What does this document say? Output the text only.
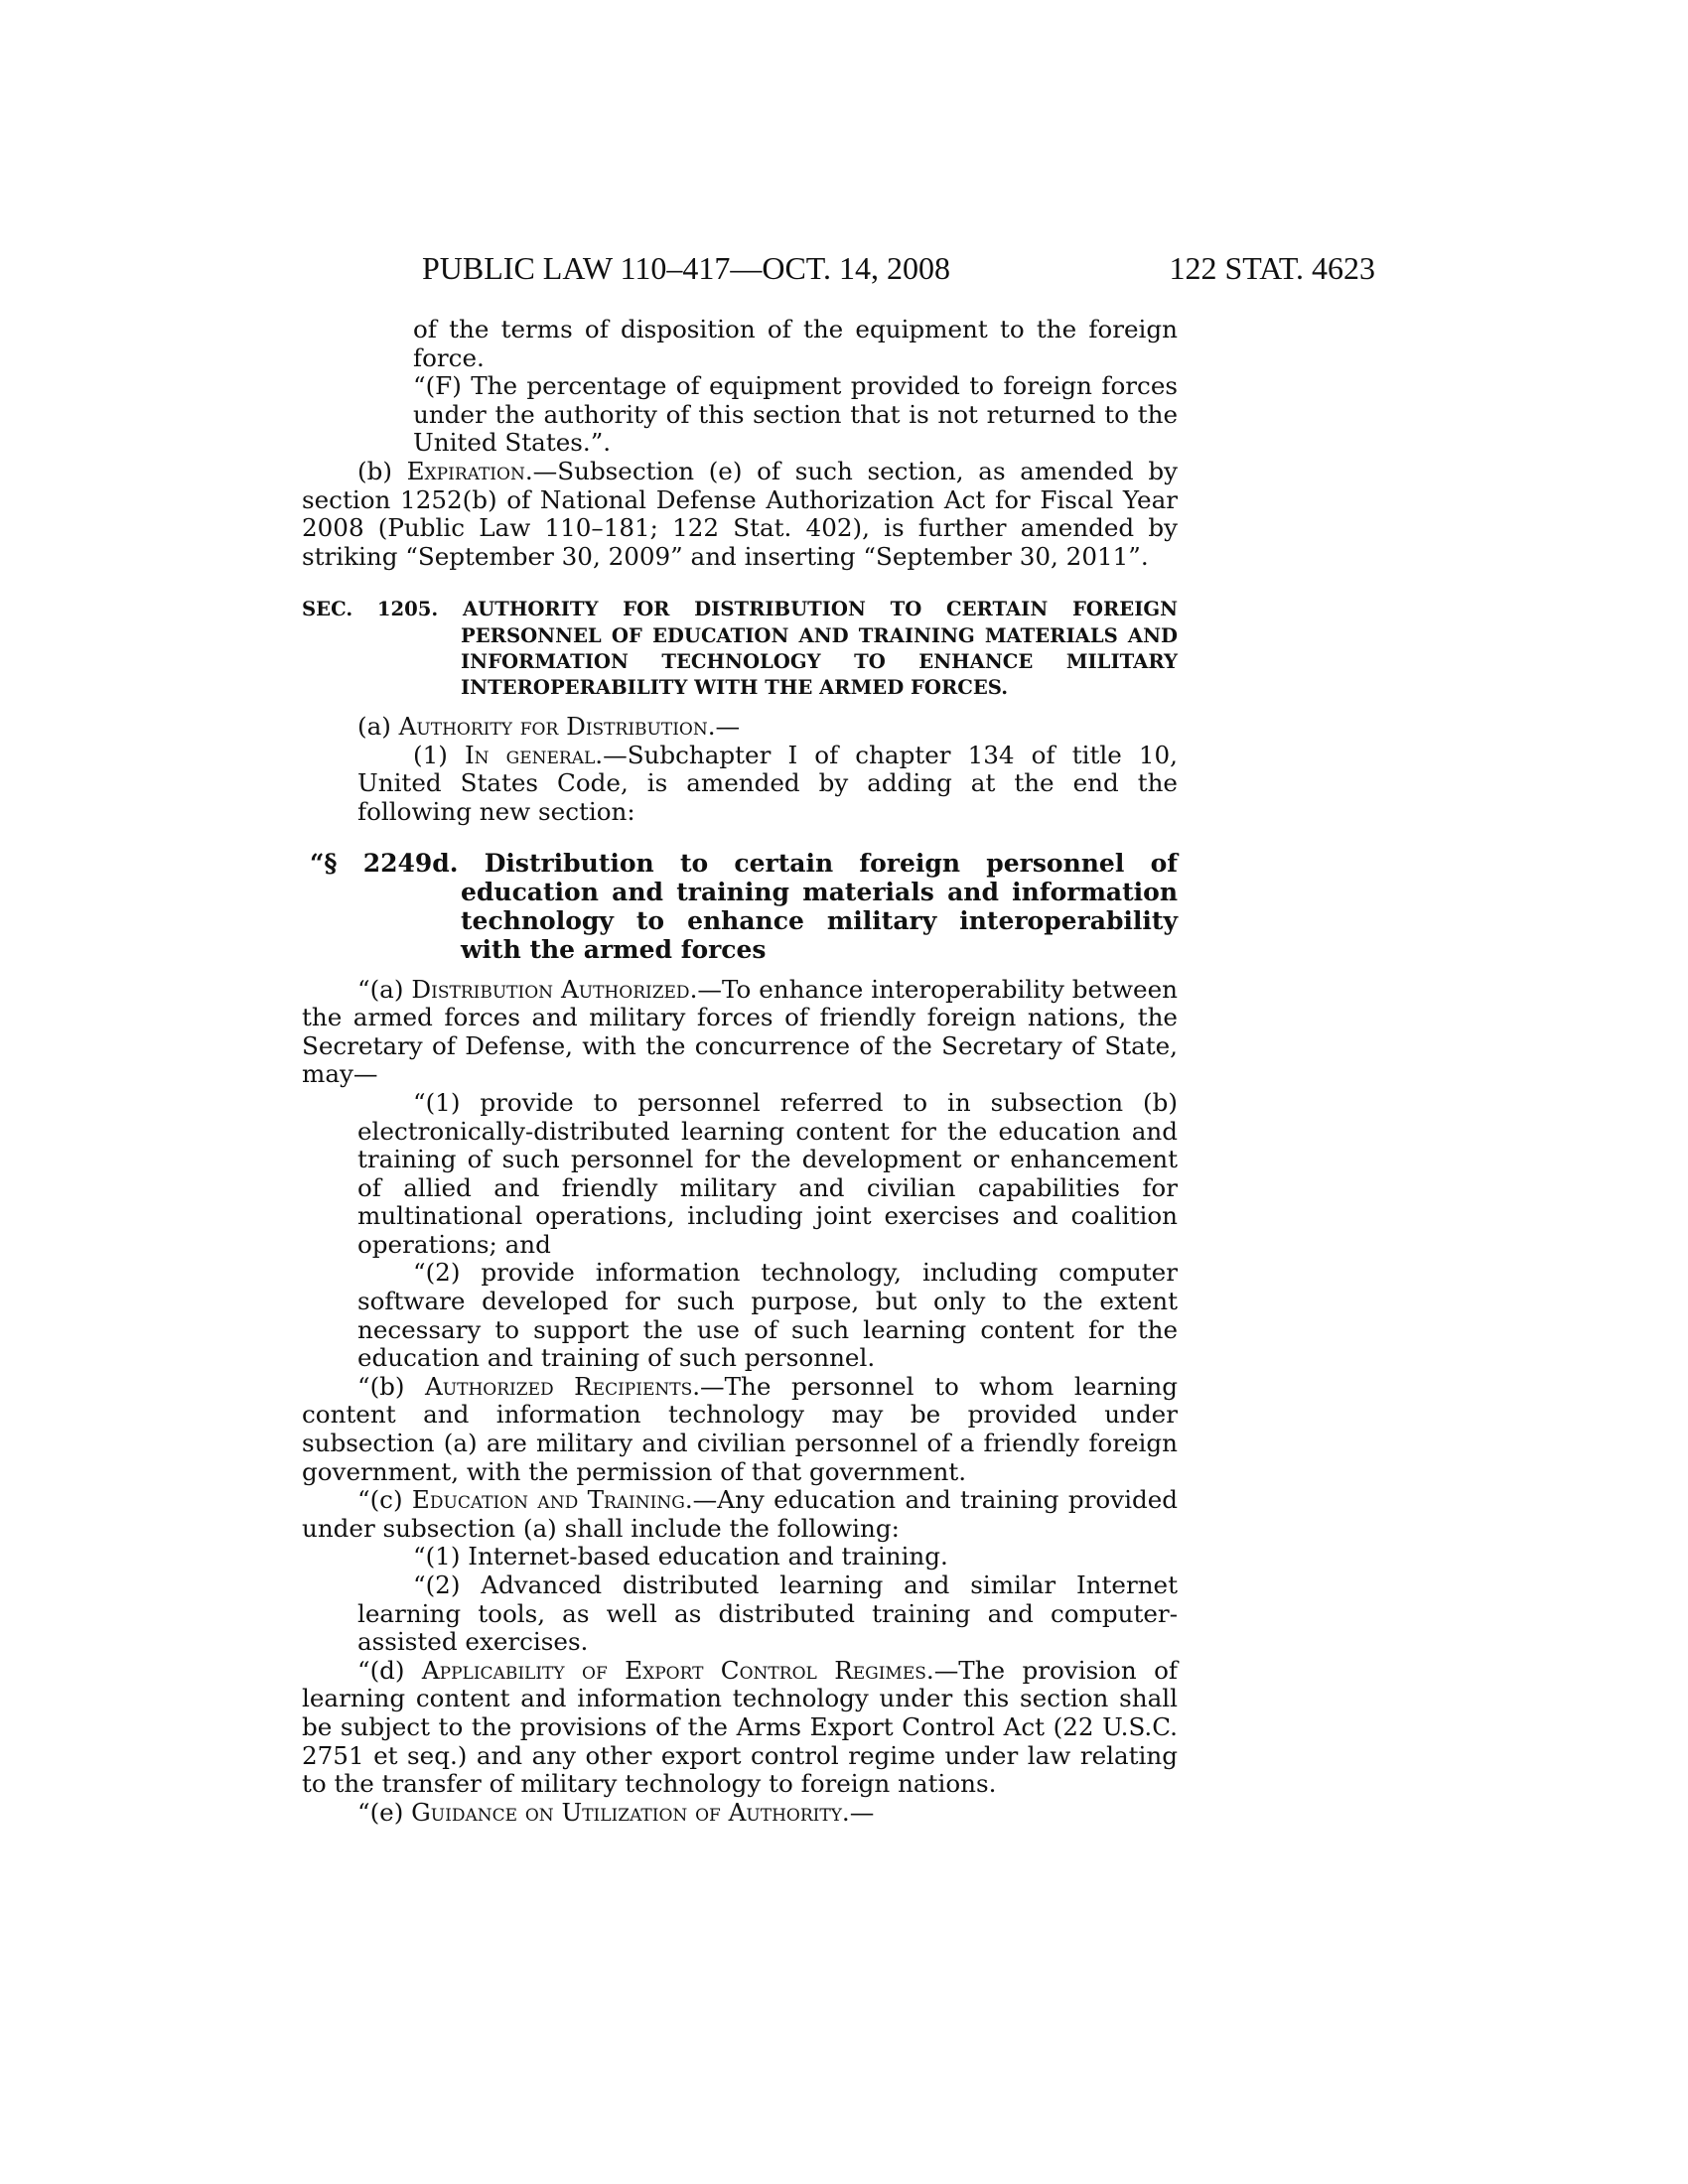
PUBLIC LAW 110–417—OCT. 14, 2008	122 STAT. 4623

of the terms of disposition of the equipment to the foreign force.

“(F) The percentage of equipment provided to foreign forces under the authority of this section that is not returned to the United States.”.

(b) Expiration.—Subsection (e) of such section, as amended by section 1252(b) of National Defense Authorization Act for Fiscal Year 2008 (Public Law 110–181; 122 Stat. 402), is further amended by striking “September 30, 2009” and inserting “September 30, 2011”.

SEC. 1205. AUTHORITY FOR DISTRIBUTION TO CERTAIN FOREIGN PERSONNEL OF EDUCATION AND TRAINING MATERIALS AND INFORMATION TECHNOLOGY TO ENHANCE MILITARY INTEROPERABILITY WITH THE ARMED FORCES.

(a) Authority for Distribution.—

(1) In general.—Subchapter I of chapter 134 of title 10, United States Code, is amended by adding at the end the following new section:

“§ 2249d. Distribution to certain foreign personnel of education and training materials and information technology to enhance military interoperability with the armed forces

“(a) Distribution Authorized.—To enhance interoperability between the armed forces and military forces of friendly foreign nations, the Secretary of Defense, with the concurrence of the Secretary of State, may—

“(1) provide to personnel referred to in subsection (b) electronically-distributed learning content for the education and training of such personnel for the development or enhancement of allied and friendly military and civilian capabilities for multinational operations, including joint exercises and coalition operations; and

“(2) provide information technology, including computer software developed for such purpose, but only to the extent necessary to support the use of such learning content for the education and training of such personnel.

“(b) Authorized Recipients.—The personnel to whom learning content and information technology may be provided under subsection (a) are military and civilian personnel of a friendly foreign government, with the permission of that government.

“(c) Education and Training.—Any education and training provided under subsection (a) shall include the following:

“(1) Internet-based education and training.

“(2) Advanced distributed learning and similar Internet learning tools, as well as distributed training and computer-assisted exercises.

“(d) Applicability of Export Control Regimes.—The provision of learning content and information technology under this section shall be subject to the provisions of the Arms Export Control Act (22 U.S.C. 2751 et seq.) and any other export control regime under law relating to the transfer of military technology to foreign nations.

“(e) Guidance on Utilization of Authority.—
